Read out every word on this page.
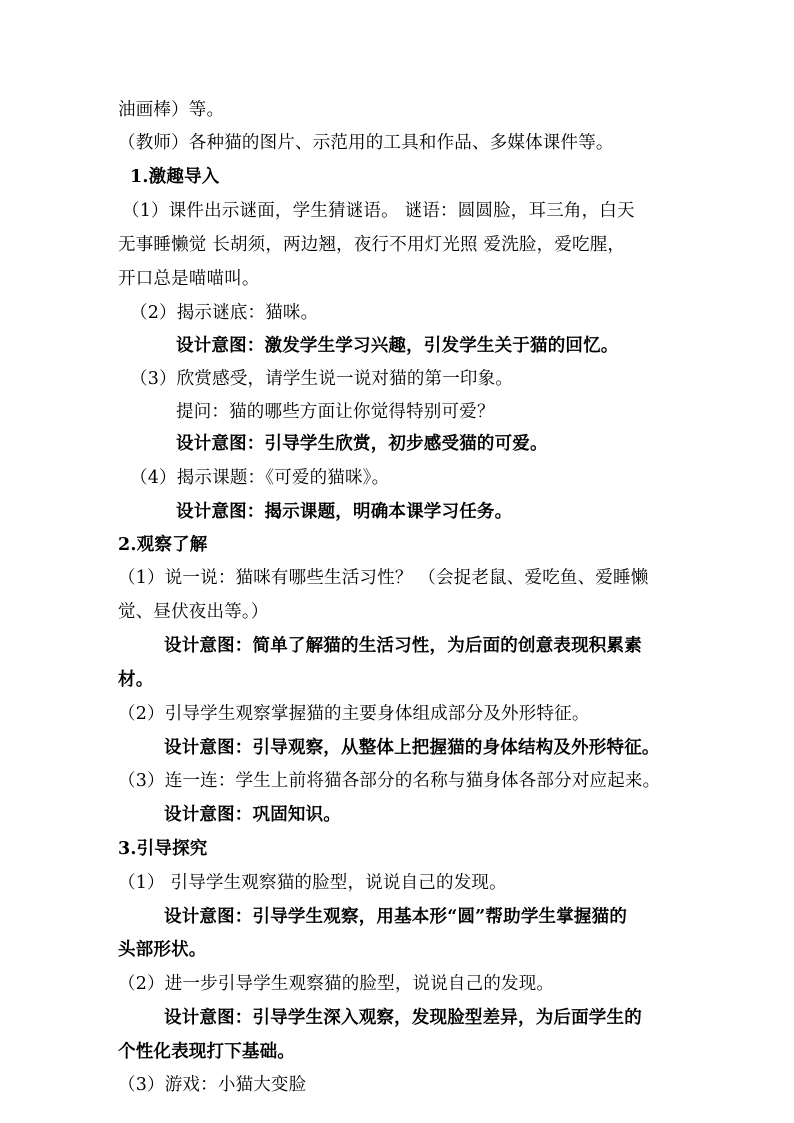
油画棒）等。
（教师）各种猫的图片、示范用的工具和作品、多媒体课件等。
1.激趣导入
（1）课件出示谜面，学生猜谜语。 谜语：圆圆脸，耳三角，白天
无事睡懒觉 长胡须，两边翘，夜行不用灯光照 爱洗脸，爱吃腥，
开口总是喵喵叫。
（2）揭示谜底：猫咪。
设计意图：激发学生学习兴趣，引发学生关于猫的回忆。
（3）欣赏感受，请学生说一说对猫的第一印象。
提问：猫的哪些方面让你觉得特别可爱？
设计意图：引导学生欣赏，初步感受猫的可爱。
（4）揭示课题：《可爱的猫咪》。
设计意图：揭示课题，明确本课学习任务。
2.观察了解
（1）说一说：猫咪有哪些生活习性？ （会捉老鼠、爱吃鱼、爱睡懒
觉、昼伏夜出等。）
设计意图：简单了解猫的生活习性，为后面的创意表现积累素
材。
（2）引导学生观察掌握猫的主要身体组成部分及外形特征。
设计意图：引导观察，从整体上把握猫的身体结构及外形特征。
（3）连一连：学生上前将猫各部分的名称与猫身体各部分对应起来。
设计意图：巩固知识。
3.引导探究
（1） 引导学生观察猫的脸型，说说自己的发现。
设计意图：引导学生观察，用基本形“圆”帮助学生掌握猫的
头部形状。
（2）进一步引导学生观察猫的脸型，说说自己的发现。
设计意图：引导学生深入观察，发现脸型差异，为后面学生的
个性化表现打下基础。
（3）游戏：小猫大变脸
